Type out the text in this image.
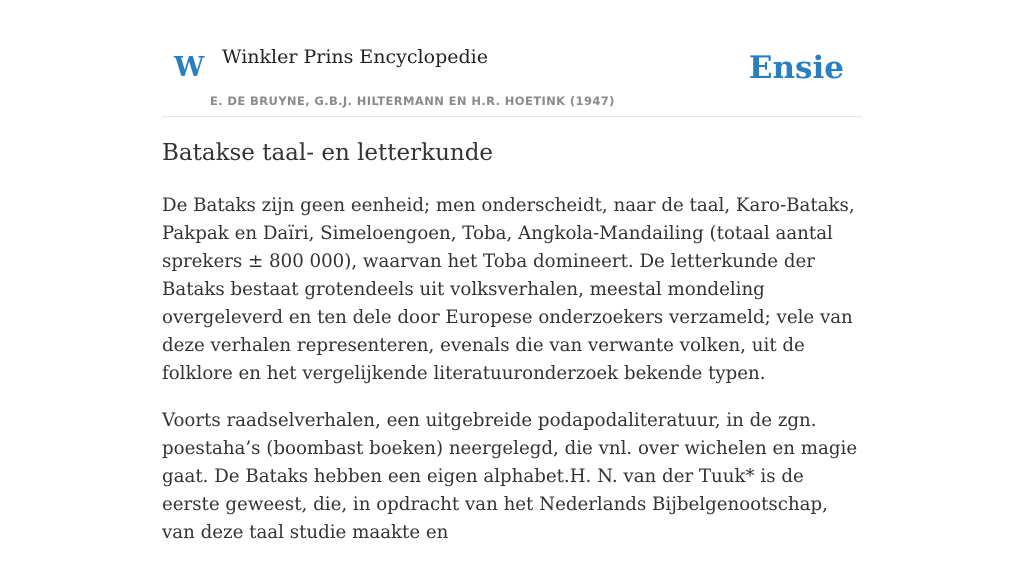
W Winkler Prins Encyclopedie
E. DE BRUYNE, G.B.J. HILTERMANN EN H.R. HOETINK (1947)
Ensie
Batakse taal- en letterkunde

De Bataks zijn geen eenheid; men onderscheidt, naar de taal, Karo-Bataks, Pakpak en Daïri, Simeloengoen, Toba, Angkola-Mandailing (totaal aantal sprekers ± 800 000), waarvan het Toba domineert. De letterkunde der Bataks bestaat grotendeels uit volksverhalen, meestal mondeling overgeleverd en ten dele door Europese onderzoekers verzameld; vele van deze verhalen representeren, evenals die van verwante volken, uit de folklore en het vergelijkende literatuuronderzoek bekende typen.

Voorts raadselverhalen, een uitgebreide podapodaliteratuur, in de zgn. poestaha’s (boombast boeken) neergelegd, die vnl. over wichelen en magie gaat. De Bataks hebben een eigen alphabet.H. N. van der Tuuk* is de eerste geweest, die, in opdracht van het Nederlands Bijbelgenootschap, van deze taal studie maakte en
